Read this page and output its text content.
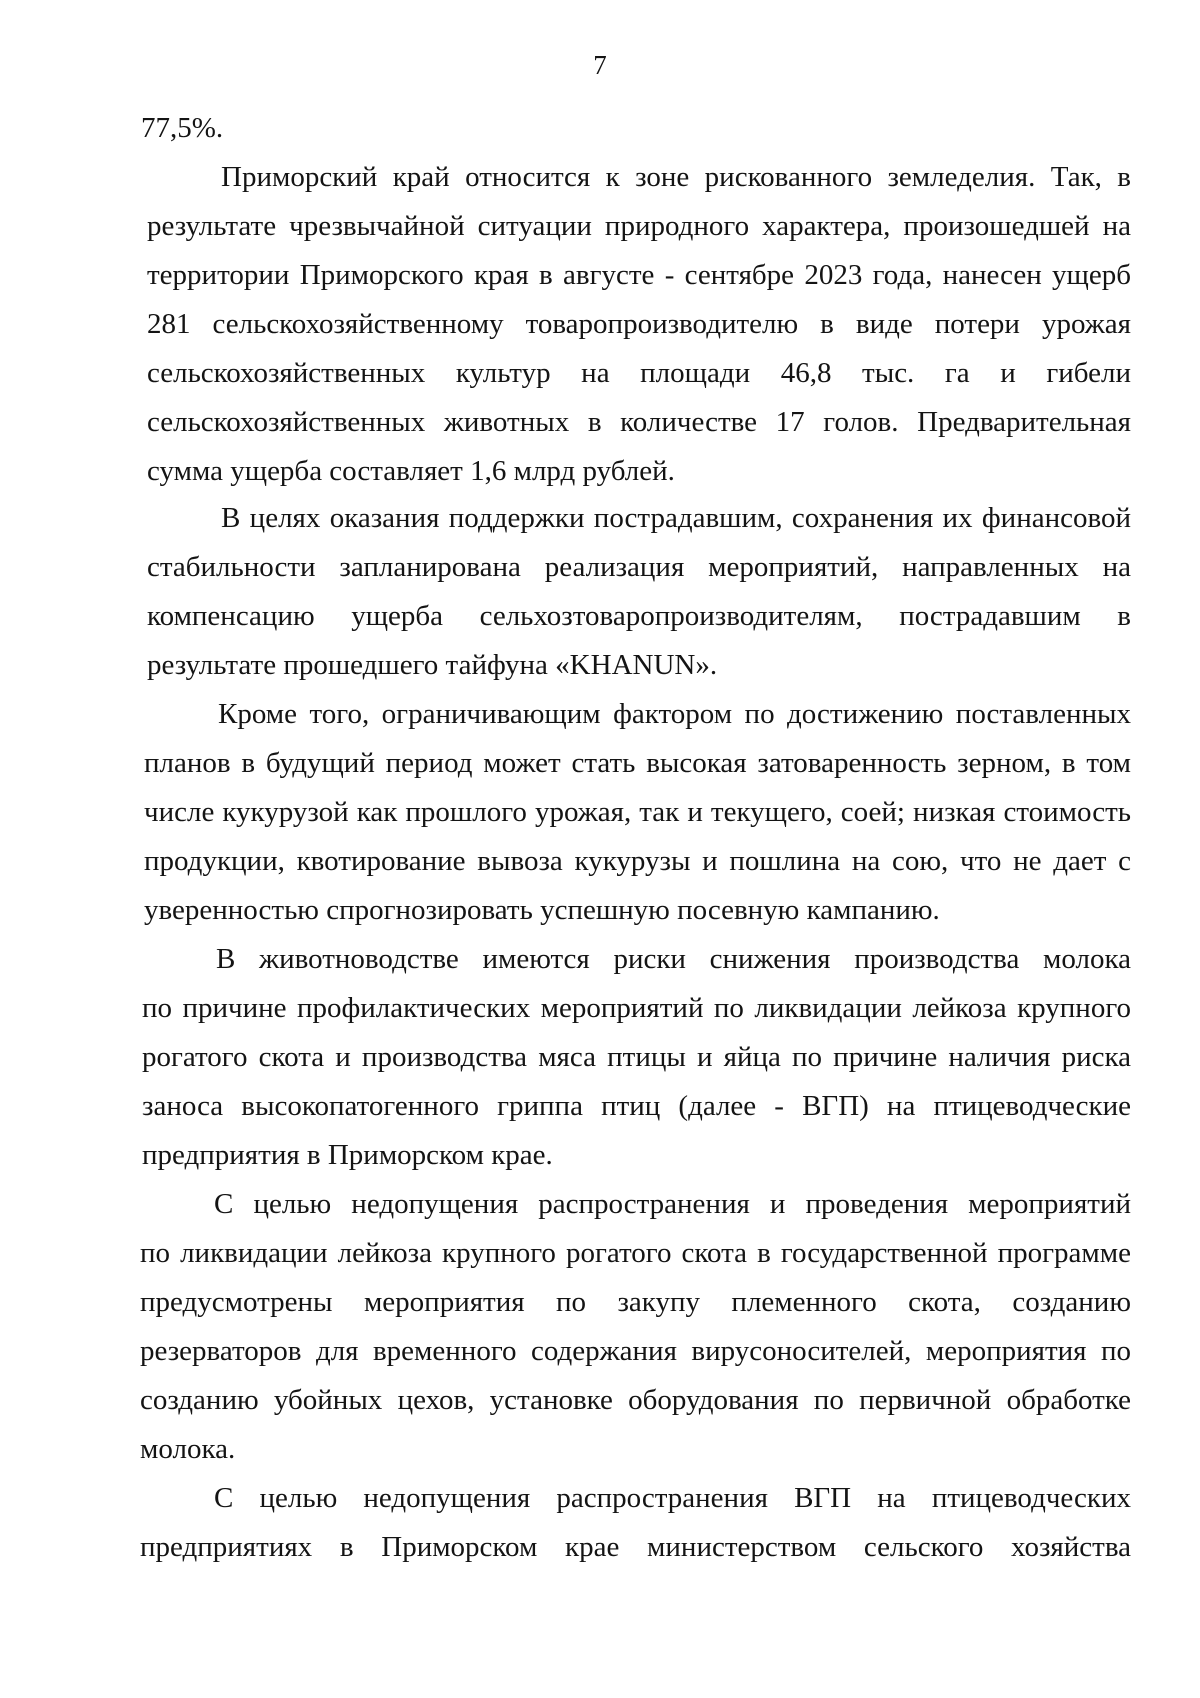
7
77,5%.
Приморский край относится к зоне рискованного земледелия. Так, в
результате чрезвычайной ситуации природного характера, произошедшей на
территории Приморского края в августе - сентябре 2023 года, нанесен ущерб
281 сельскохозяйственному товаропроизводителю в виде потери урожая
сельскохозяйственных культур на площади 46,8 тыс. га и гибели
сельскохозяйственных животных в количестве 17 голов. Предварительная
сумма ущерба составляет 1,6 млрд рублей.
В целях оказания поддержки пострадавшим, сохранения их финансовой
стабильности запланирована реализация мероприятий, направленных на
компенсацию ущерба сельхозтоваропроизводителям, пострадавшим в
результате прошедшего тайфуна «KHANUN».
Кроме того, ограничивающим фактором по достижению поставленных
планов в будущий период может стать высокая затоваренность зерном, в том
числе кукурузой как прошлого урожая, так и текущего, соей; низкая стоимость
продукции, квотирование вывоза кукурузы и пошлина на сою, что не дает с
уверенностью спрогнозировать успешную посевную кампанию.
В животноводстве имеются риски снижения производства молока
по причине профилактических мероприятий по ликвидации лейкоза крупного
рогатого скота и производства мяса птицы и яйца по причине наличия риска
заноса высокопатогенного гриппа птиц (далее - ВГП) на птицеводческие
предприятия в Приморском крае.
С целью недопущения распространения и проведения мероприятий
по ликвидации лейкоза крупного рогатого скота в государственной программе
предусмотрены мероприятия по закупу племенного скота, созданию
резерваторов для временного содержания вирусоносителей, мероприятия по
созданию убойных цехов, установке оборудования по первичной обработке
молока.
С целью недопущения распространения ВГП на птицеводческих
предприятиях в Приморском крае министерством сельского хозяйства
